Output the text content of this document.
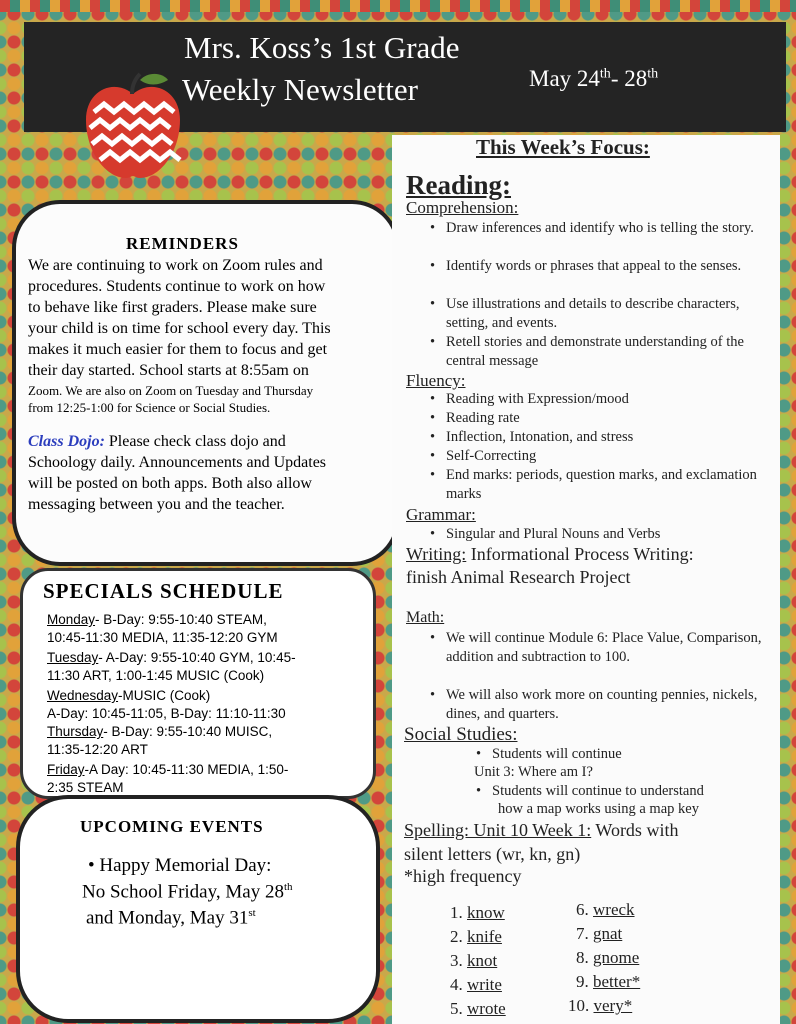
Mrs. Koss’s 1st Grade
Weekly Newsletter	May 24th- 28th
REMINDERS
We are continuing to work on Zoom rules and
procedures. Students continue to work on how
to behave like first graders. Please make sure
your child is on time for school every day. This
makes it much easier for them to focus and get
their day started. School starts at 8:55am on
Zoom. We are also on Zoom on Tuesday and Thursday
from 12:25-1:00 for Science or Social Studies.
Class Dojo: Please check class dojo and
Schoology daily. Announcements and Updates
will be posted on both apps. Both also allow
messaging between you and the teacher.
SPECIALS SCHEDULE
Monday- B-Day: 9:55-10:40 STEAM,
10:45-11:30 MEDIA, 11:35-12:20 GYM
Tuesday- A-Day: 9:55-10:40 GYM, 10:45-
11:30 ART, 1:00-1:45 MUSIC (Cook)
Wednesday-MUSIC (Cook)
A-Day: 10:45-11:05, B-Day: 11:10-11:30
Thursday- B-Day: 9:55-10:40 MUISC,
11:35-12:20 ART
Friday-A Day: 10:45-11:30 MEDIA, 1:50-
2:35 STEAM
UPCOMING EVENTS
• Happy Memorial Day:
No School Friday, May 28th
and Monday, May 31st
This Week’s Focus:
Reading:
Comprehension:
• Draw inferences and identify who is telling the story.
• Identify words or phrases that appeal to the senses.
• Use illustrations and details to describe characters, setting, and events.
• Retell stories and demonstrate understanding of the central message
Fluency:
• Reading with Expression/mood
• Reading rate
• Inflection, Intonation, and stress
• Self-Correcting
• End marks: periods, question marks, and exclamation marks
Grammar:
• Singular and Plural Nouns and Verbs
Writing: Informational Process Writing:
finish Animal Research Project
Math:
• We will continue Module 6: Place Value, Comparison, addition and subtraction to 100.
• We will also work more on counting pennies, nickels, dines, and quarters.
Social Studies:
• Students will continue
Unit 3: Where am I?
• Students will continue to understand
how a map works using a map key
Spelling: Unit 10 Week 1: Words with
silent letters (wr, kn, gn)
*high frequency
1. know
2. knife
3. knot
4. write
5. wrote
6. wreck
7. gnat
8. gnome
9. better*
10. very*
